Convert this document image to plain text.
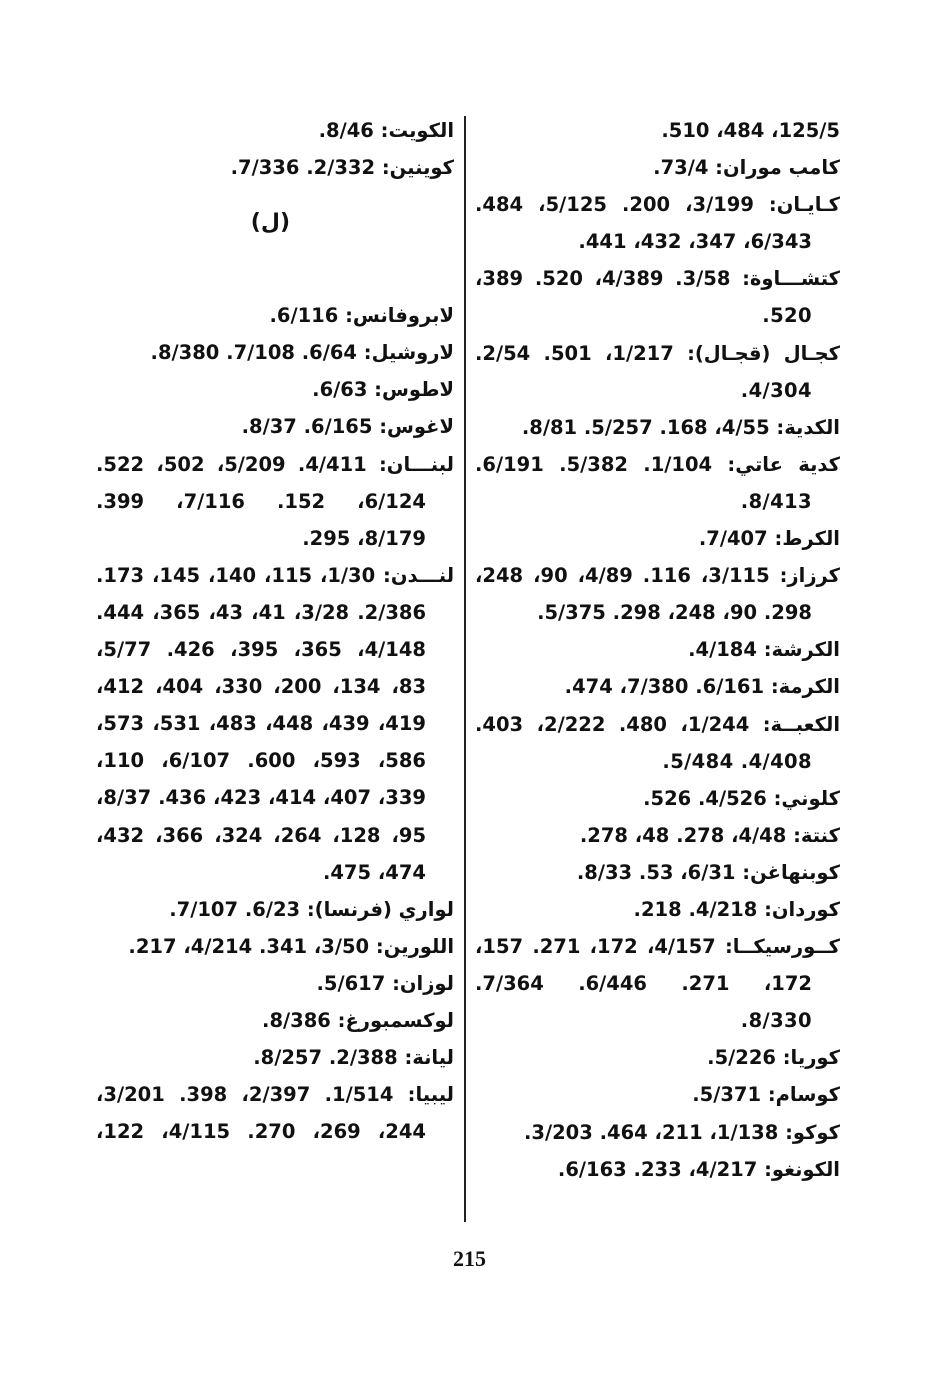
125/5، 484، 510.
كامب موران: 73/4.
كـايـان: 3/199، 200. 5/125، 484.
6/343، 347، 432، 441.
كتشـــاوة: 3/58. 4/389، 520. 389،
520.
كجـال (قجـال): 1/217، 501. 2/54.
4/304.
الكدية: 4/55، 168. 5/257. 8/81.
كدية عاتي: 1/104. 5/382. 6/191.
8/413.
الكرط: 7/407.
كرزاز: 3/115، 116. 4/89، 90، 248،
298. 90، 248، 298. 5/375.
الكرشة: 4/184.
الكرمة: 6/161. 7/380، 474.
الكعبــة: 1/244، 480. 2/222، 403.
4/408. 5/484.
كلوني: 4/526. 526.
كنتة: 4/48، 278. 48، 278.
كوبنهاغن: 6/31، 53. 8/33.
كوردان: 4/218. 218.
كــورسيكــا: 4/157، 172، 271. 157،
172، 271. 6/446. 7/364.
8/330.
كوريا: 5/226.
كوسام: 5/371.
كوكو: 1/138، 211، 464. 3/203.
الكونغو: 4/217، 233. 6/163.
الكويت: 8/46.
كوينين: 2/332. 7/336.
(ل)
لابروفانس: 6/116.
لاروشيل: 6/64. 7/108. 8/380.
لاطوس: 6/63.
لاغوس: 6/165. 8/37.
لبنـــان: 4/411. 5/209، 502، 522.
6/124، 152. 7/116، 399.
8/179، 295.
لنـــدن: 1/30، 115، 140، 145، 173.
2/386. 3/28، 41، 43، 365، 444.
4/148، 365، 395، 426. 5/77،
83، 134، 200، 330، 404، 412،
419، 439، 448، 483، 531، 573،
586، 593، 600. 6/107، 110،
339، 407، 414، 423، 436. 8/37،
95، 128، 264، 324، 366، 432،
474، 475.
لواري (فرنسا): 6/23. 7/107.
اللورين: 3/50، 341. 4/214، 217.
لوزان: 5/617.
لوكسمبورغ: 8/386.
ليانة: 2/388. 8/257.
ليبيا: 1/514. 2/397، 398. 3/201،
244، 269، 270. 4/115، 122،
215
